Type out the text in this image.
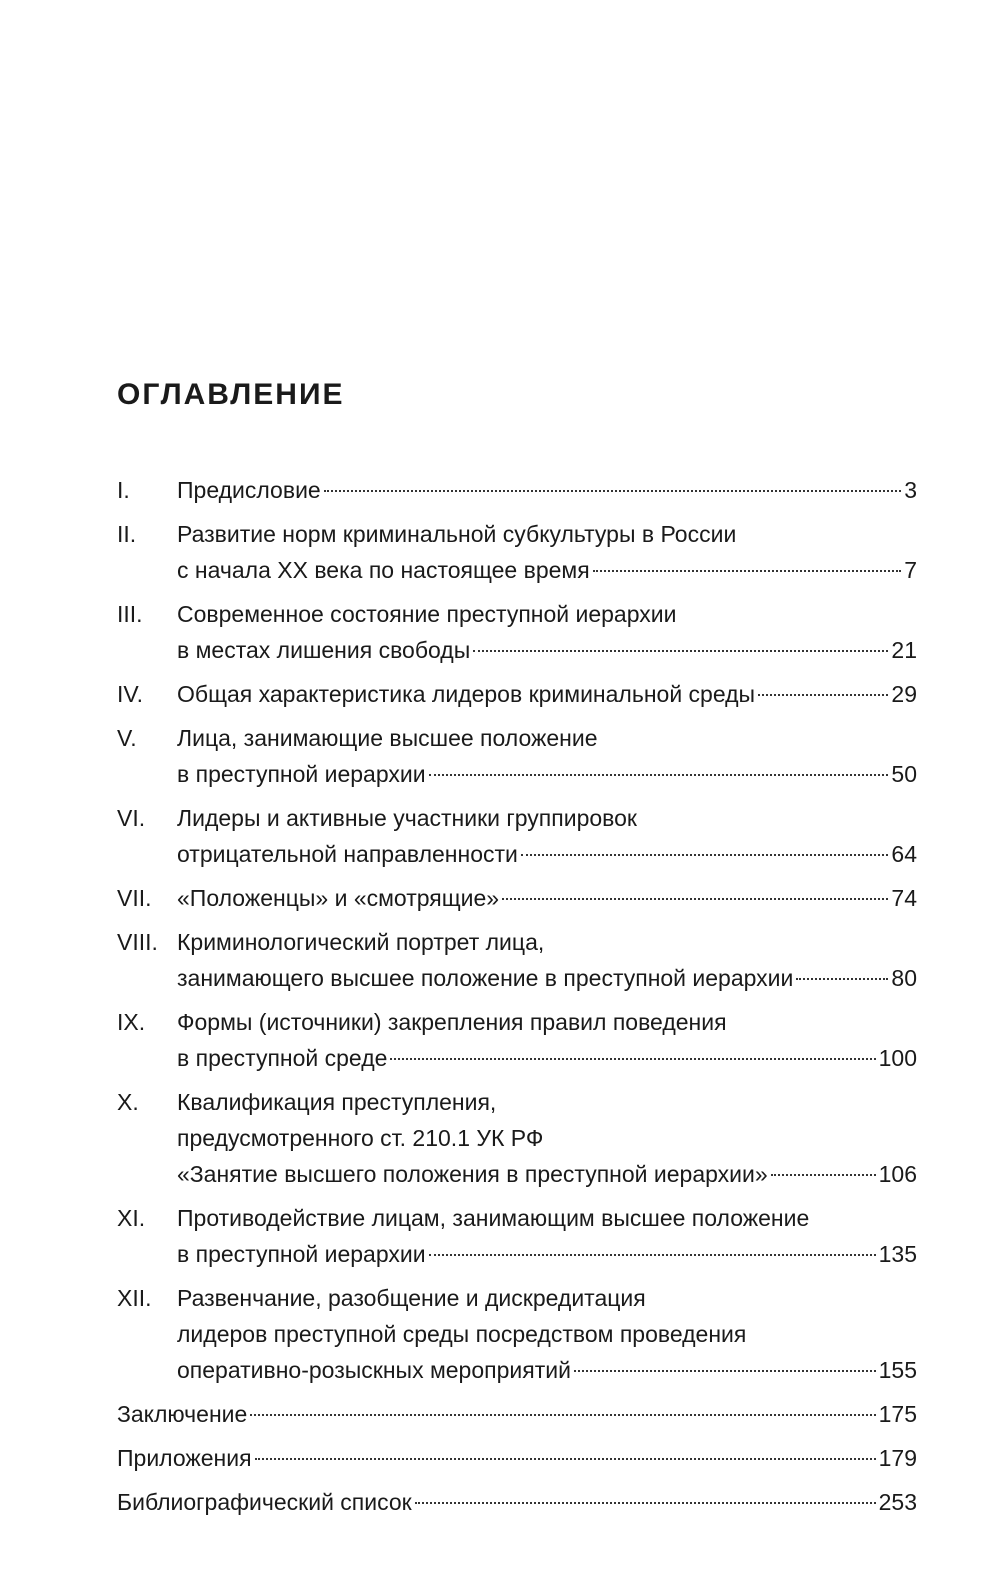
ОГЛАВЛЕНИЕ
I.	Предисловие	3
II.	Развитие норм криминальной субкультуры в России
с начала XX века по настоящее время	7
III.	Современное состояние преступной иерархии
в местах лишения свободы	21
IV.	Общая характеристика лидеров криминальной среды	29
V.	Лица, занимающие высшее положение
в преступной иерархии	50
VI.	Лидеры и активные участники группировок
отрицательной направленности	64
VII.	«Положенцы» и «смотрящие»	74
VIII. Криминологический портрет лица,
занимающего высшее положение в преступной иерархии	80
IX.	Формы (источники) закрепления правил поведения
в преступной среде	100
X.	Квалификация преступления,
предусмотренного ст. 210.1 УК РФ
«Занятие высшего положения в преступной иерархии»	106
XI.	Противодействие лицам, занимающим высшее положение
в преступной иерархии	135
XII.	Развенчание, разобщение и дискредитация
лидеров преступной среды посредством проведения
оперативно-розыскных мероприятий	155
Заключение	175
Приложения	179
Библиографический список	253
